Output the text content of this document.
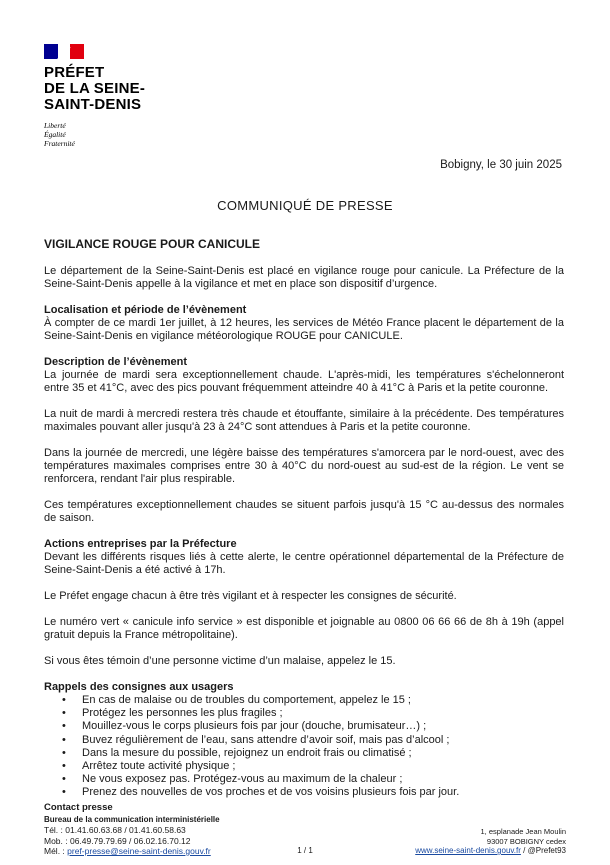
PRÉFET
DE LA SEINE-
SAINT-DENIS
Liberté
Égalité
Fraternité
Bobigny, le 30 juin 2025
COMMUNIQUÉ DE PRESSE

VIGILANCE ROUGE POUR CANICULE

Le département de la Seine-Saint-Denis est placé en vigilance rouge pour canicule. La Préfecture de la Seine-Saint-Denis appelle à la vigilance et met en place son dispositif d’urgence.

Localisation et période de l’évènement

À compter de ce mardi 1er juillet, à 12 heures, les services de Météo France placent le département de la Seine-Saint-Denis en vigilance météorologique ROUGE pour CANICULE.

Description de l’évènement

La journée de mardi sera exceptionnellement chaude. L'après-midi, les températures s'échelonneront entre 35 et 41°C, avec des pics pouvant fréquemment atteindre 40 à 41°C à Paris et la petite couronne.

La nuit de mardi à mercredi restera très chaude et étouffante, similaire à la précédente. Des températures maximales pouvant aller jusqu'à 23 à 24°C sont attendues à Paris et la petite couronne.

Dans la journée de mercredi, une légère baisse des températures s'amorcera par le nord-ouest, avec des températures maximales comprises entre 30 à 40°C du nord-ouest au sud-est de la région. Le vent se renforcera, rendant l'air plus respirable.

Ces températures exceptionnellement chaudes se situent parfois jusqu'à 15 °C au-dessus des normales de saison.

Actions entreprises par la Préfecture

Devant les différents risques liés à cette alerte, le centre opérationnel départemental de la Préfecture de Seine-Saint-Denis a été activé à 17h.

Le Préfet engage chacun à être très vigilant et à respecter les consignes de sécurité.

Le numéro vert « canicule info service » est disponible et joignable au 0800 06 66 66 de 8h à 19h (appel gratuit depuis la France métropolitaine).

Si vous êtes témoin d’une personne victime d’un malaise, appelez le 15.

Rappels des consignes aux usagers

• En cas de malaise ou de troubles du comportement, appelez le 15 ;
• Protégez les personnes les plus fragiles ;
• Mouillez-vous le corps plusieurs fois par jour (douche, brumisateur…) ;
• Buvez régulièrement de l’eau, sans attendre d’avoir soif, mais pas d’alcool ;
• Dans la mesure du possible, rejoignez un endroit frais ou climatisé ;
• Arrêtez toute activité physique ;
• Ne vous exposez pas. Protégez-vous au maximum de la chaleur ;
• Prenez des nouvelles de vos proches et de vos voisins plusieurs fois par jour.
Contact presse
Bureau de la communication interministérielle
Tél. : 01.41.60.63.68 / 01.41.60.58.63
Mob. : 06.49.79.79.69 / 06.02.16.70.12
Mél. : pref-presse@seine-saint-denis.gouv.fr	1 / 1
1, esplanade Jean Moulin
93007 BOBIGNY cedex
www.seine-saint-denis.gouv.fr / @Prefet93
